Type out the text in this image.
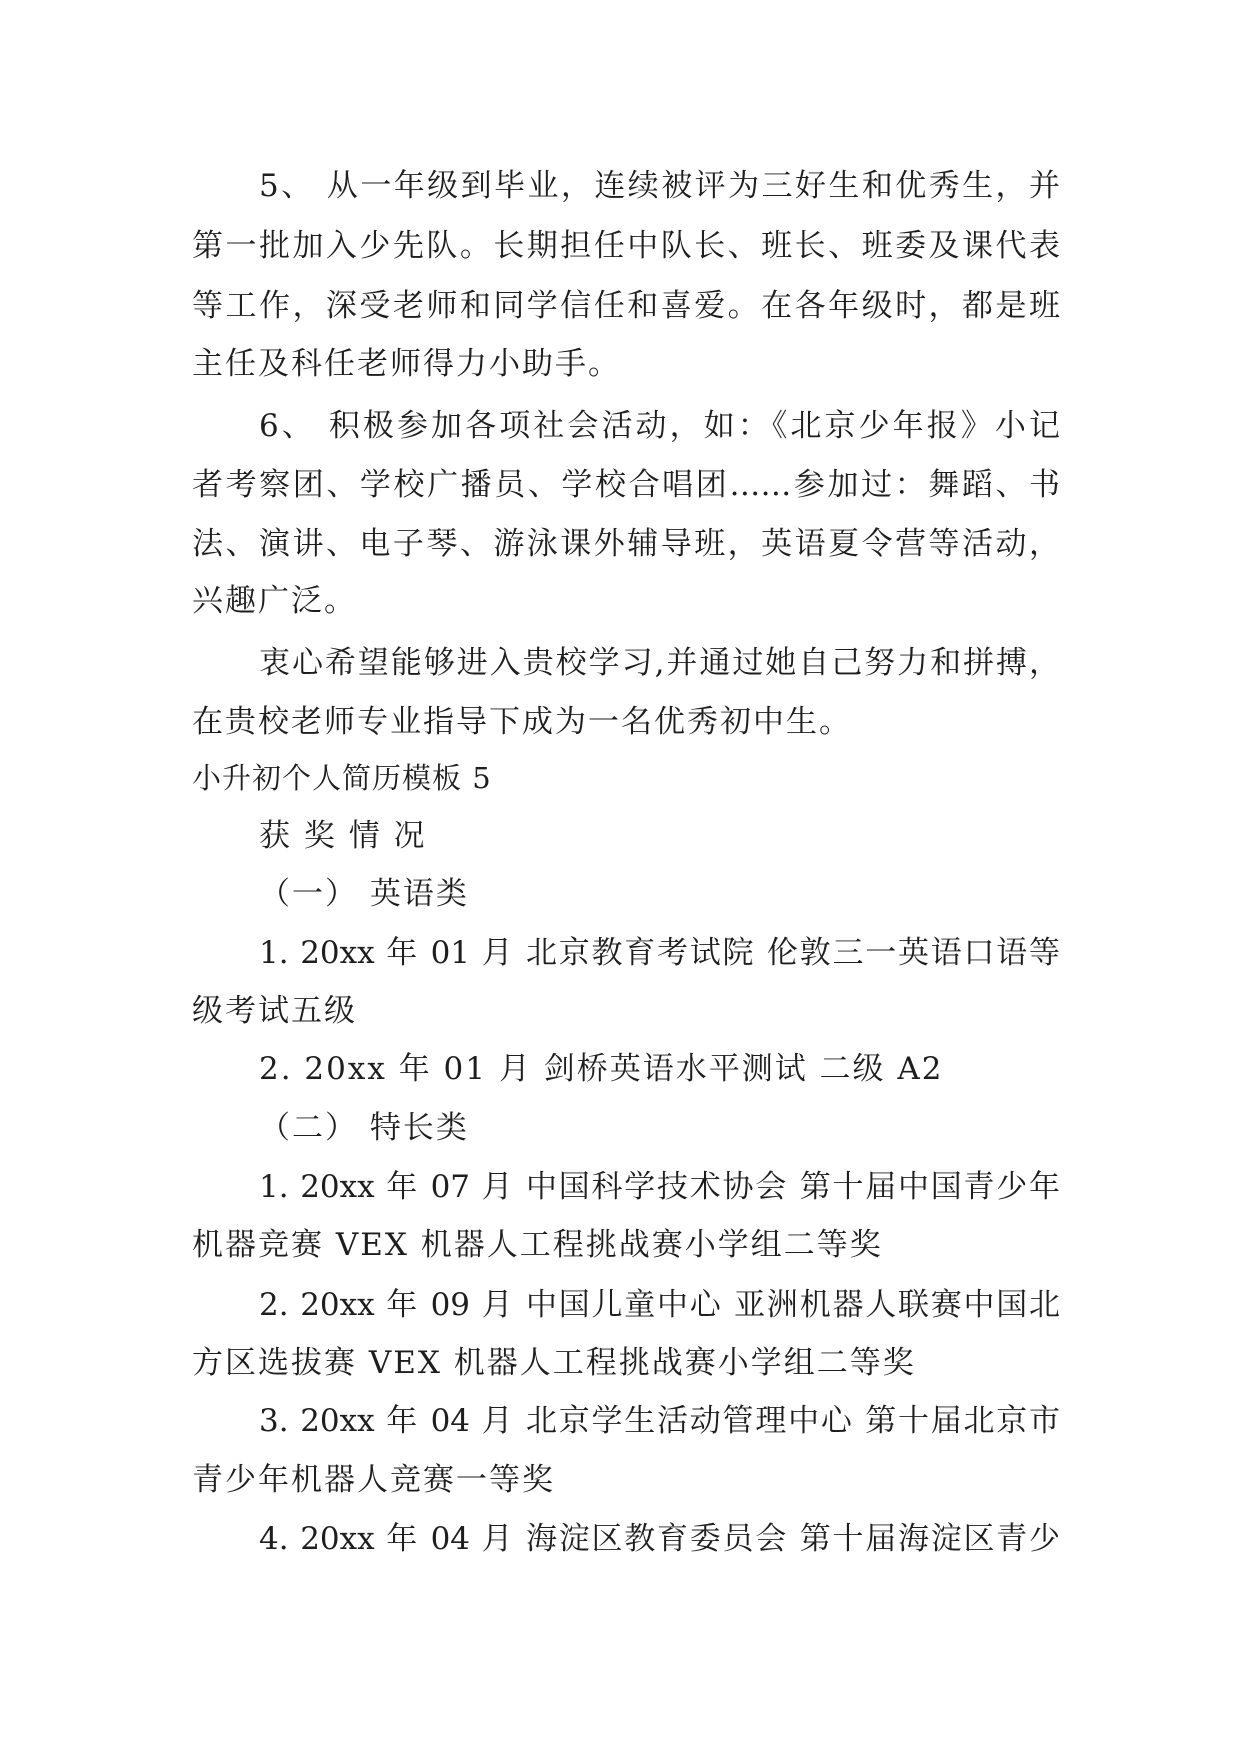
5、 从一年级到毕业，连续被评为三好生和优秀生，并
第一批加入少先队。长期担任中队长、班长、班委及课代表
等工作，深受老师和同学信任和喜爱。在各年级时，都是班
主任及科任老师得力小助手。
6、 积极参加各项社会活动，如：《北京少年报》小记
者考察团、学校广播员、学校合唱团……参加过：舞蹈、书
法、演讲、电子琴、游泳课外辅导班，英语夏令营等活动，
兴趣广泛。
衷心希望能够进入贵校学习,并通过她自己努力和拼搏，
在贵校老师专业指导下成为一名优秀初中生。
小升初个人简历模板 5
获 奖 情 况
（一） 英语类
1. 20xx 年 01 月 北京教育考试院 伦敦三一英语口语等
级考试五级
2. 20xx 年 01 月 剑桥英语水平测试 二级 A2
（二） 特长类
1. 20xx 年 07 月 中国科学技术协会 第十届中国青少年
机器竞赛 VEX 机器人工程挑战赛小学组二等奖
2. 20xx 年 09 月 中国儿童中心 亚洲机器人联赛中国北
方区选拔赛 VEX 机器人工程挑战赛小学组二等奖
3. 20xx 年 04 月 北京学生活动管理中心 第十届北京市
青少年机器人竞赛一等奖
4. 20xx 年 04 月 海淀区教育委员会 第十届海淀区青少
